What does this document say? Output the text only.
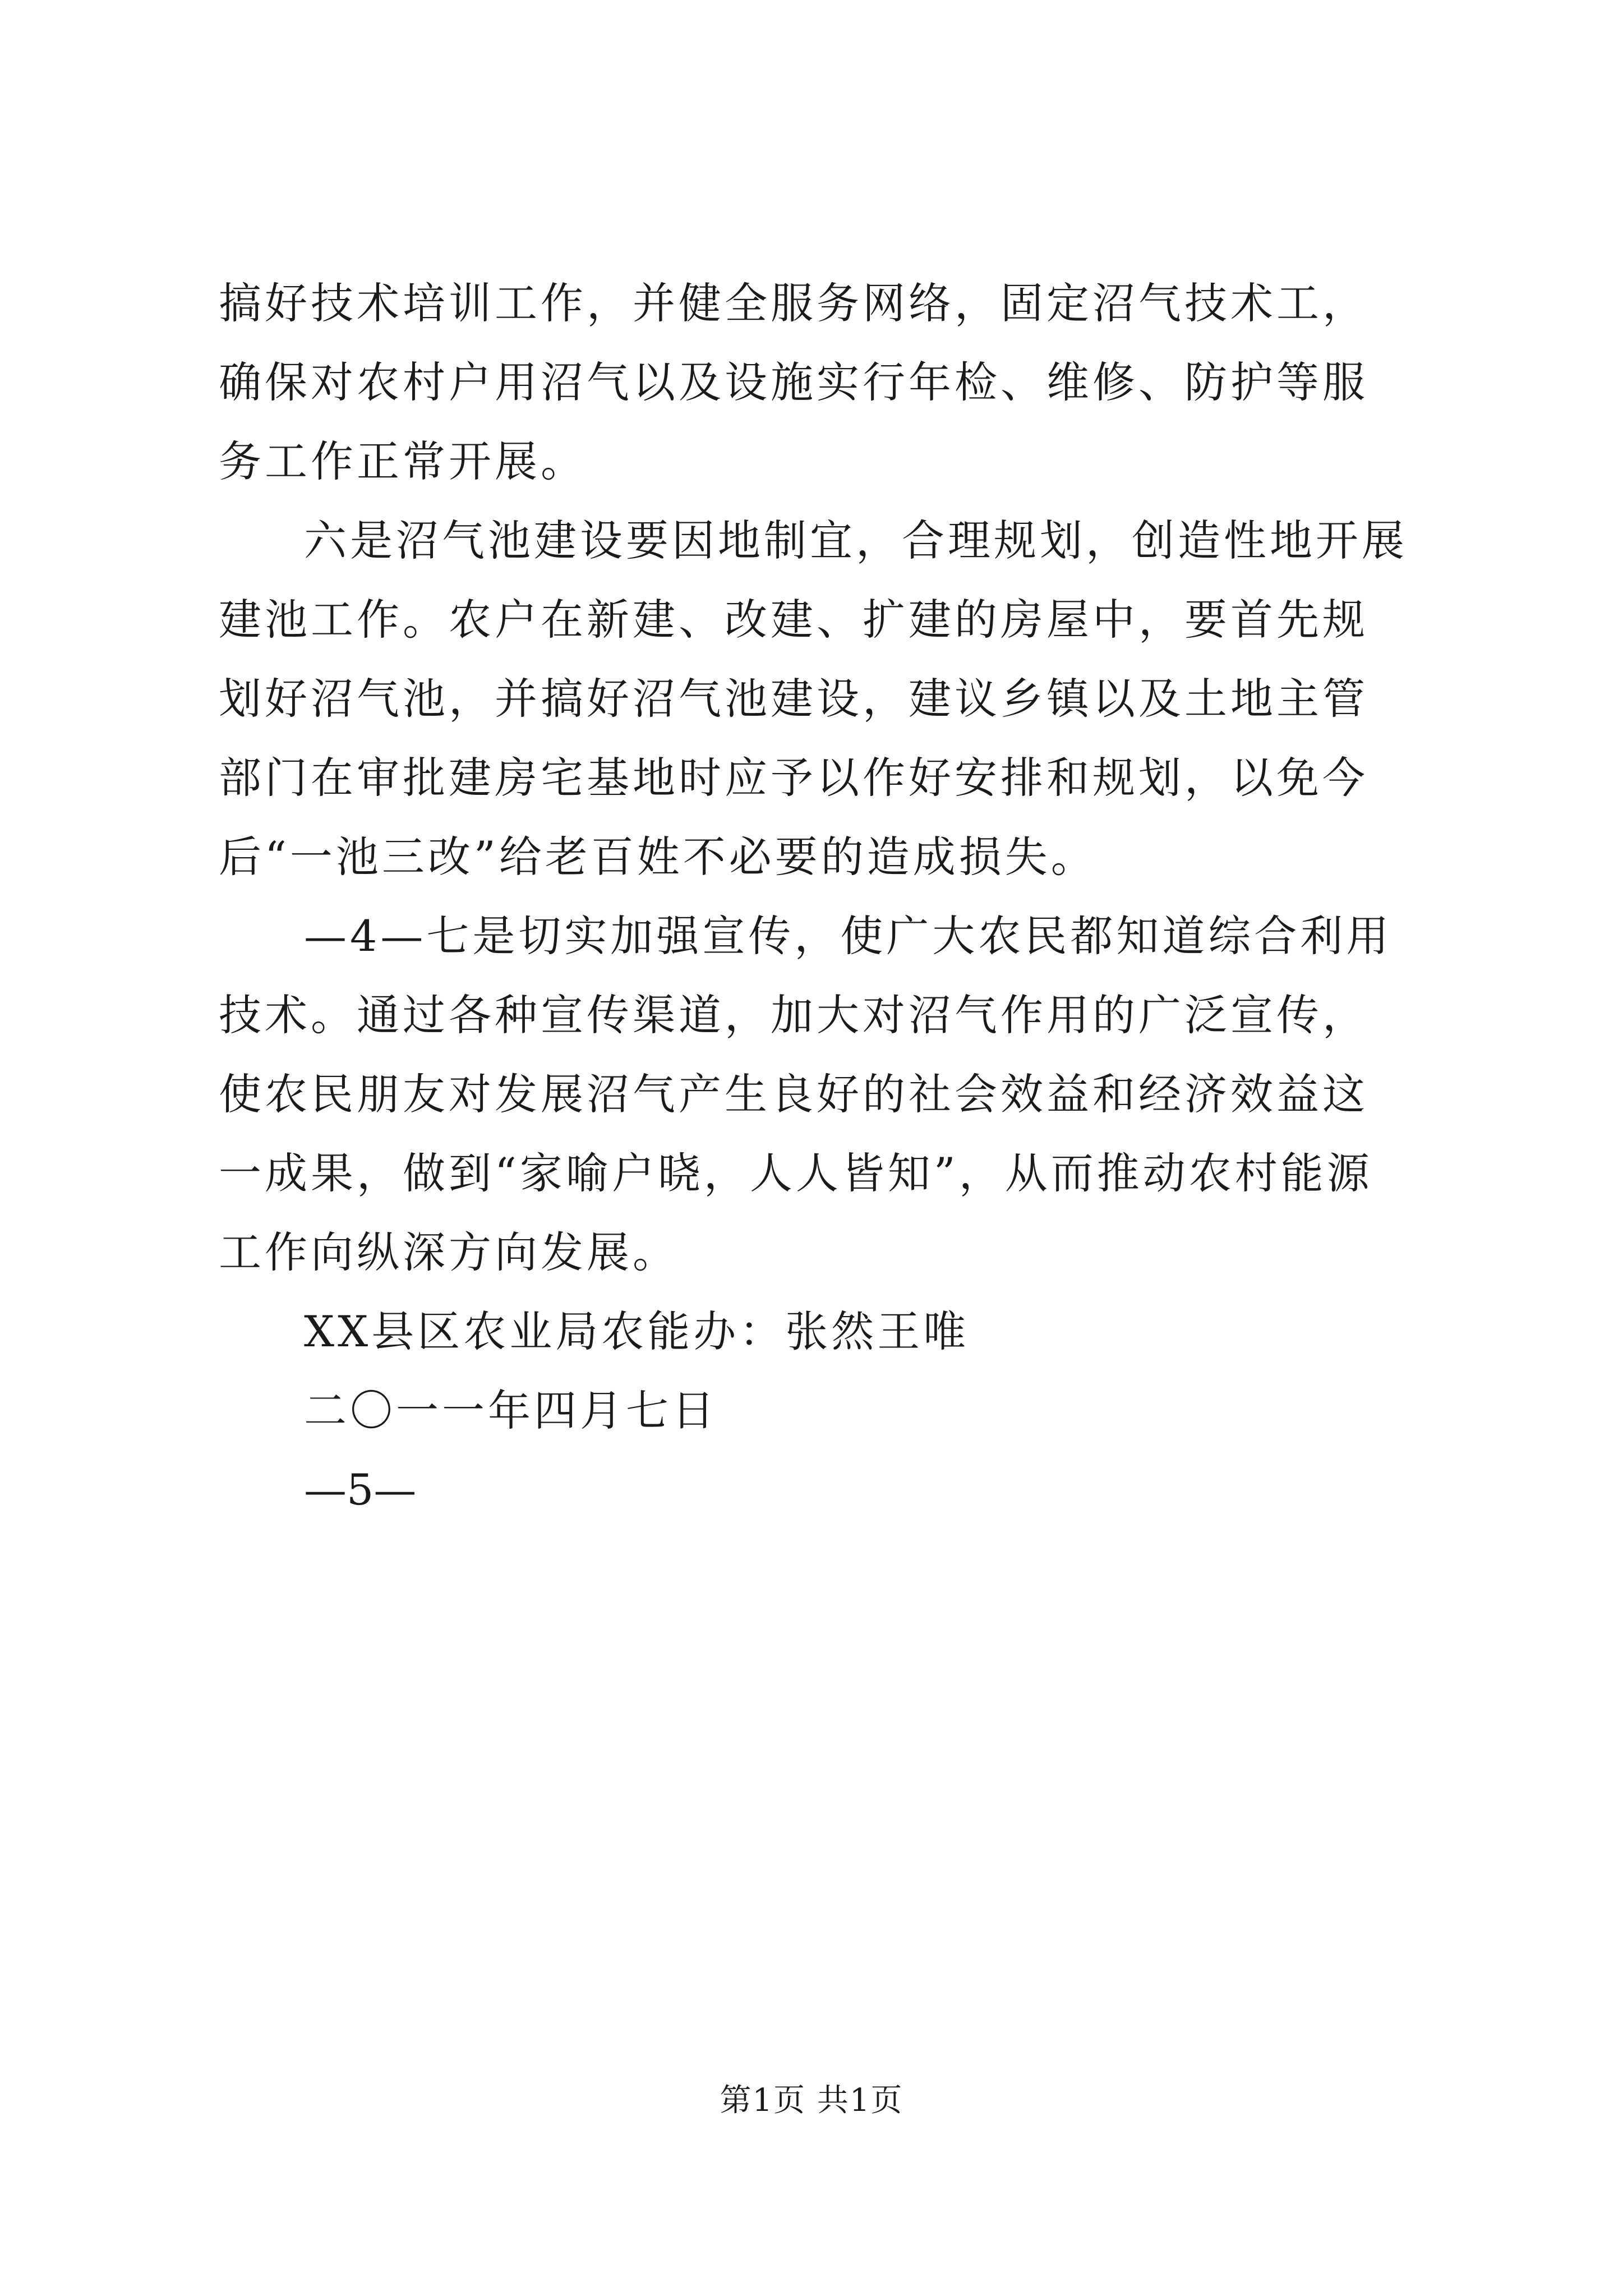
搞好技术培训工作，并健全服务网络，固定沼气技术工，确保对农村户用沼气以及设施实行年检、维修、防护等服务工作正常开展。

六是沼气池建设要因地制宜，合理规划，创造性地开展建池工作。农户在新建、改建、扩建的房屋中，要首先规划好沼气池，并搞好沼气池建设，建议乡镇以及土地主管部门在审批建房宅基地时应予以作好安排和规划，以免今后“一池三改”给老百姓不必要的造成损失。

—4—七是切实加强宣传，使广大农民都知道综合利用技术。通过各种宣传渠道，加大对沼气作用的广泛宣传，使农民朋友对发展沼气产生良好的社会效益和经济效益这一成果，做到“家喻户晓，人人皆知”，从而推动农村能源工作向纵深方向发展。

XX县区农业局农能办：张然王唯

二〇一一年四月七日

—5—

第1页 共1页
